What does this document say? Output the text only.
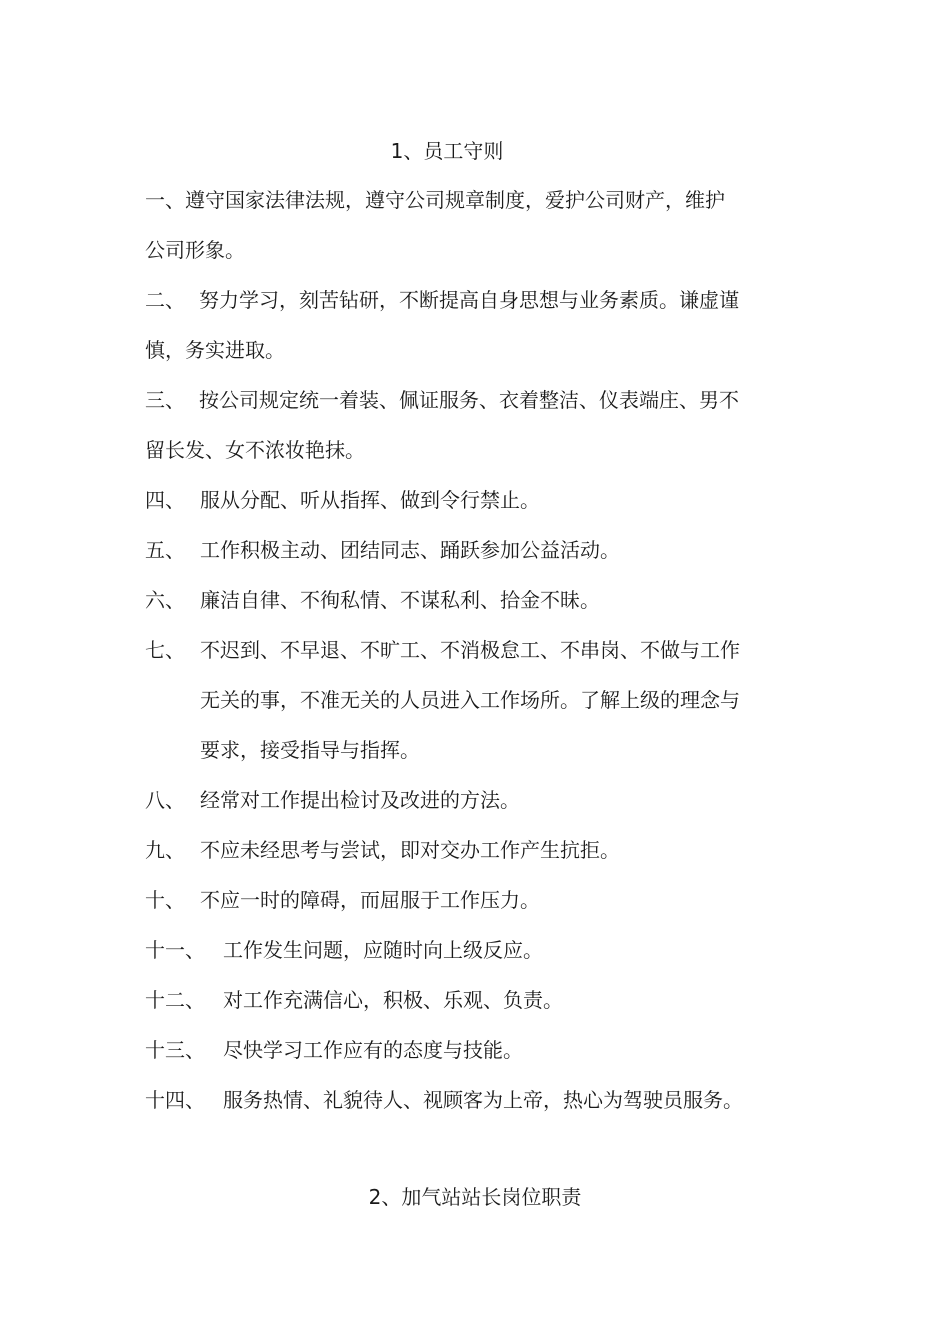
1、员工守则
一、遵守国家法律法规，遵守公司规章制度，爱护公司财产，维护
公司形象。
二、 努力学习，刻苦钻研，不断提高自身思想与业务素质。谦虚谨
慎，务实进取。
三、 按公司规定统一着装、佩证服务、衣着整洁、仪表端庄、男不
留长发、女不浓妆艳抹。
四、 服从分配、听从指挥、做到令行禁止。
五、 工作积极主动、团结同志、踊跃参加公益活动。
六、 廉洁自律、不徇私情、不谋私利、拾金不昧。
七、 不迟到、不早退、不旷工、不消极怠工、不串岗、不做与工作
无关的事，不准无关的人员进入工作场所。了解上级的理念与
要求，接受指导与指挥。
八、 经常对工作提出检讨及改进的方法。
九、 不应未经思考与尝试，即对交办工作产生抗拒。
十、 不应一时的障碍，而屈服于工作压力。
十一、 工作发生问题，应随时向上级反应。
十二、 对工作充满信心，积极、乐观、负责。
十三、 尽快学习工作应有的态度与技能。
十四、 服务热情、礼貌待人、视顾客为上帝，热心为驾驶员服务。
2、加气站站长岗位职责
